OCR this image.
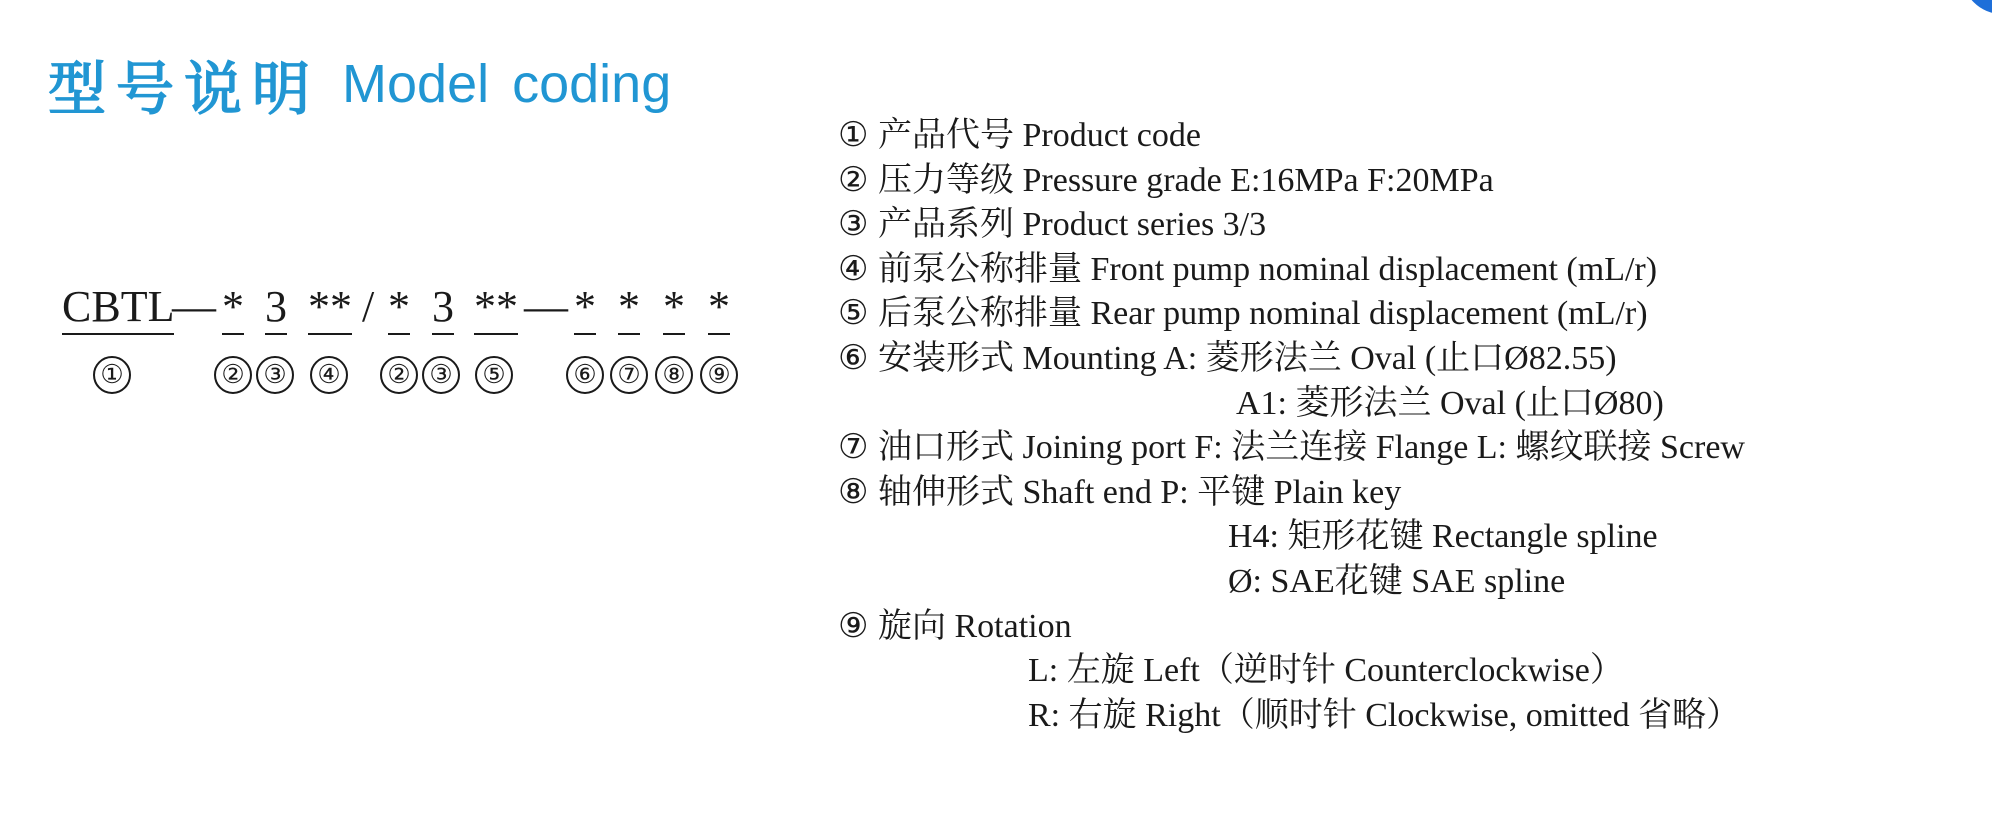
型号说明 Model coding
CBTL
— * 3 ** / * 3 ** — * * * *
①	② ③ ④ ② ③ ⑤	⑥ ⑦ ⑧ ⑨
① 产品代号 Product code
② 压力等级 Pressure grade E:16MPa F:20MPa
③ 产品系列 Product series 3/3
④ 前泵公称排量 Front pump nominal displacement (mL/r)
⑤ 后泵公称排量 Rear pump nominal displacement (mL/r)
⑥ 安装形式 Mounting A: 菱形法兰 Oval (止口Ø82.55)
A1: 菱形法兰 Oval (止口Ø80)
⑦ 油口形式 Joining port F: 法兰连接 Flange L: 螺纹联接 Screw
⑧ 轴伸形式 Shaft end P: 平键 Plain key
H4: 矩形花键 Rectangle spline
Ø: SAE花键 SAE spline
⑨ 旋向 Rotation
L: 左旋 Left（逆时针 Counterclockwise）
R: 右旋 Right（顺时针 Clockwise, omitted 省略）
